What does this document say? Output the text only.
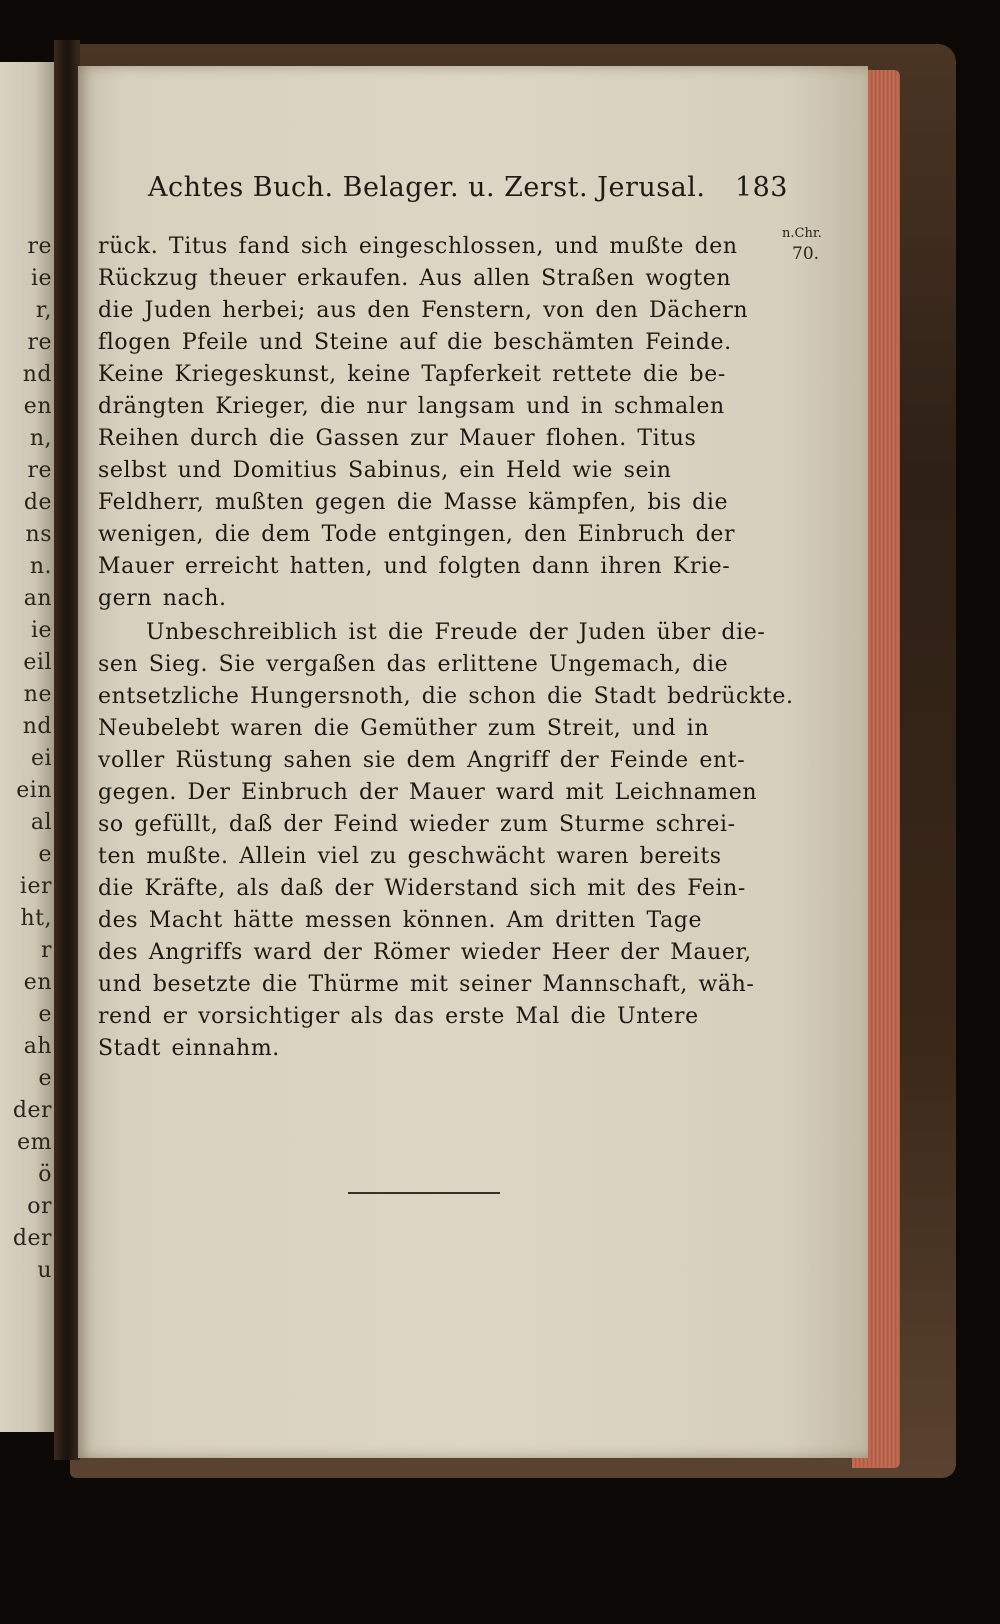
re
ie
r,
re
nd
en
n,
re
de
ns
n.
an
ie
eil
ne
nd
ei
ein
al
e
ier
ht,
r
en
e
ah
e
der
em
ö
or
der
u
Achtes Buch. Belager. u. Zerst. Jerusal. 183
n.Chr.
70.
rück. Titus fand sich eingeschlossen, und mußte den
Rückzug theuer erkaufen. Aus allen Straßen wogten
die Juden herbei; aus den Fenstern, von den Dächern
flogen Pfeile und Steine auf die beschämten Feinde.
Keine Kriegeskunst, keine Tapferkeit rettete die be-
drängten Krieger, die nur langsam und in schmalen
Reihen durch die Gassen zur Mauer flohen. Titus
selbst und Domitius Sabinus, ein Held wie sein
Feldherr, mußten gegen die Masse kämpfen, bis die
wenigen, die dem Tode entgingen, den Einbruch der
Mauer erreicht hatten, und folgten dann ihren Krie-
gern nach.
Unbeschreiblich ist die Freude der Juden über die-
sen Sieg. Sie vergaßen das erlittene Ungemach, die
entsetzliche Hungersnoth, die schon die Stadt bedrückte.
Neubelebt waren die Gemüther zum Streit, und in
voller Rüstung sahen sie dem Angriff der Feinde ent-
gegen. Der Einbruch der Mauer ward mit Leichnamen
so gefüllt, daß der Feind wieder zum Sturme schrei-
ten mußte. Allein viel zu geschwächt waren bereits
die Kräfte, als daß der Widerstand sich mit des Fein-
des Macht hätte messen können. Am dritten Tage
des Angriffs ward der Römer wieder Heer der Mauer,
und besetzte die Thürme mit seiner Mannschaft, wäh-
rend er vorsichtiger als das erste Mal die Untere
Stadt einnahm.
